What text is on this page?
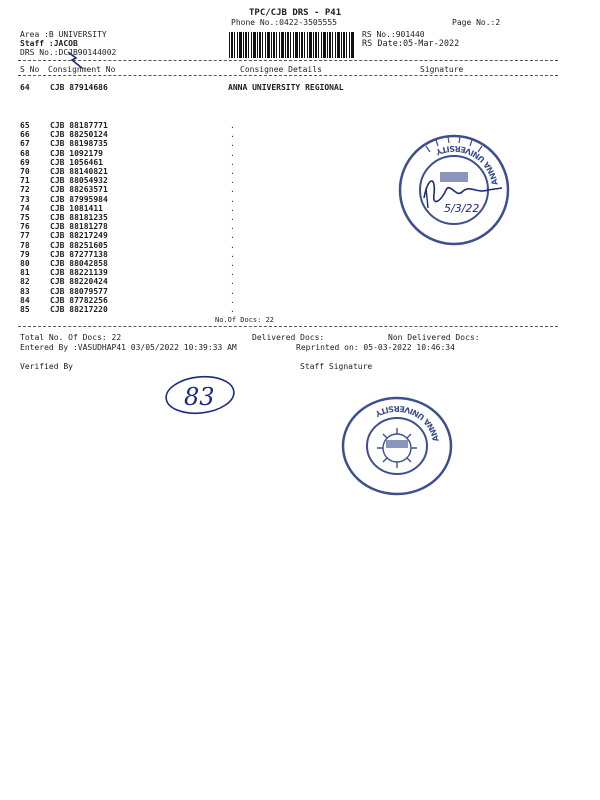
TPC/CJB DRS - P41
Phone No.:0422-3505555	Page No.:2
Area :B UNIVERSITY
Staff :JACOB
DRS No.:DCJB90144002
RS No.:901440
RS Date:05-Mar-2022
S No Consignment No	Consignee Details	Signature
64	CJB 87914686	ANNA UNIVERSITY REGIONAL
65	CJB 88187771	.
66	CJB 88250124	.
67	CJB 88198735	.
68	CJB 1092179	.
69	CJB 1056461	.
70	CJB 88140821	.
71	CJB 88054932	.
72	CJB 88263571	.
73	CJB 87995984	.
74	CJB 1081411	.
75	CJB 88181235	.
76	CJB 88181278	.
77	CJB 88217249	.
78	CJB 88251605	.
79	CJB 87277138	.
80	CJB 88042858	.
81	CJB 88221139	.
82	CJB 88220424	.
83	CJB 88079577	.
84	CJB 87782256	.
85	CJB 88217220	.
No.Of Docs: 22
Total No. Of Docs: 22	Delivered Docs:	Non Delivered Docs:
Entered By :VASUDHAP41 03/05/2022 10:39:33 AM	Reprinted on: 05-03-2022 10:46:34
Verified By	Staff Signature
83
ANNA UNIVERSITY
5/3/22
ANNA UNIVERSITY
